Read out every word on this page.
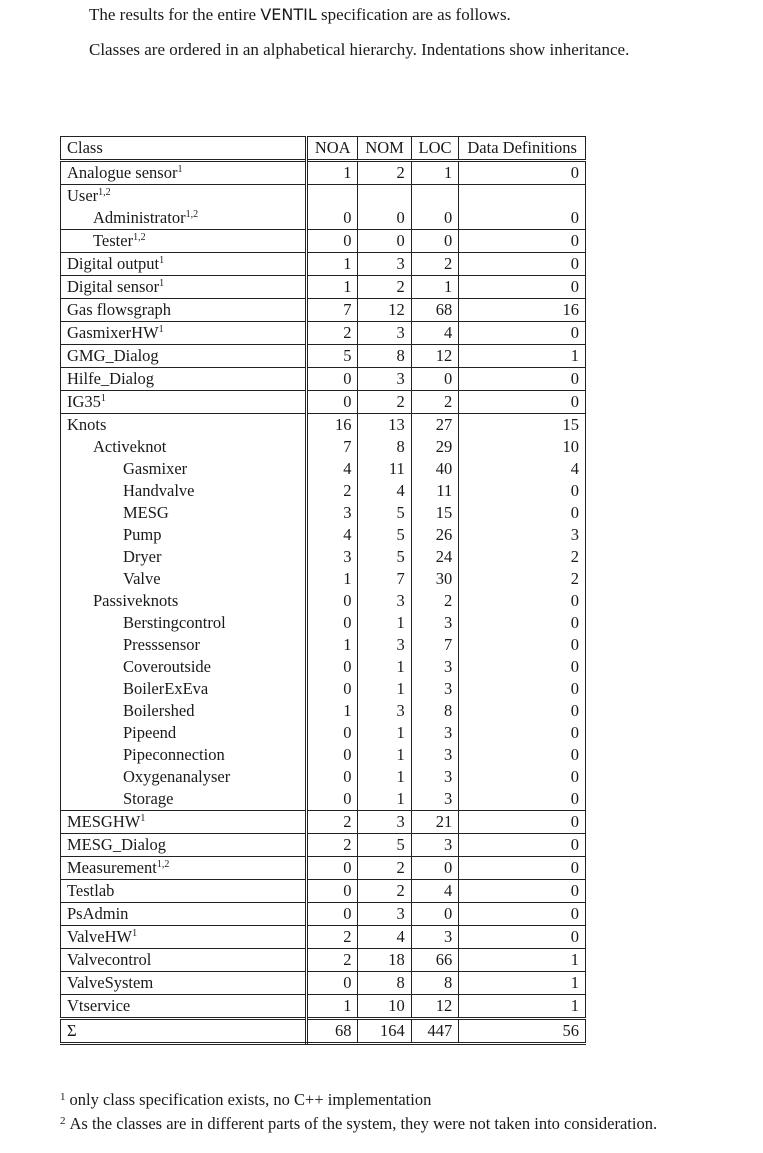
The results for the entire VENTIL specification are as follows.
Classes are ordered in an alphabetical hierarchy. Indentations show inheritance.
Class	NOA	NOM	LOC	Data Definitions
Analogue sensor$^1$	1	2	1	0
User$^{1,2}$				
Administrator$^{1,2}$	0	0	0	0
Tester$^{1,2}$	0	0	0	0
Digital output$^1$	1	3	2	0
Digital sensor$^1$	1	2	1	0
Gas flowsgraph	7	12	68	16
GasmixerHW$^1$	2	3	4	0
GMG_Dialog	5	8	12	1
Hilfe_Dialog	0	3	0	0
$IG35^1$	0	2	2	0
Knots	16	13	27	15
Activeknot	7	8	29	10
Gasmixer	4	11	40	4
Handvalve	2	4	11	0
MESG	3	5	15	0
Pump	4	5	26	3
Dryer	3	5	24	2
Valve	1	7	30	2
Passiveknots	0	3	2	0
Berstingcontrol	0	1	3	0
Presssensor	1	3	7	0
Coveroutside	0	1	3	0
BoilerExEva	0	1	3	0
Boilershed	1	3	8	0
Pipeend	0	1	3	0
Pipeconnection	0	1	3	0
Oxygenanalyser	0	1	3	0
Storage	0	1	3	0
MESGHW$^1$	2	3	21	0
MESG_Dialog	2	5	3	0
Measurement$^{1,2}$	0	2	0	0
Testlab	0	2	4	0
PsAdmin	0	3	0	0
ValveHW$^1$	2	4	3	0
Valvecontrol	2	18	66	1
ValveSystem	0	8	8	1
Vtservice	1	10	12	1
Σ	68	164	447	56
$^1$ only class specification exists, no C++ implementation
$^2$ As the classes are in different parts of the system, they were not taken into consideration.
